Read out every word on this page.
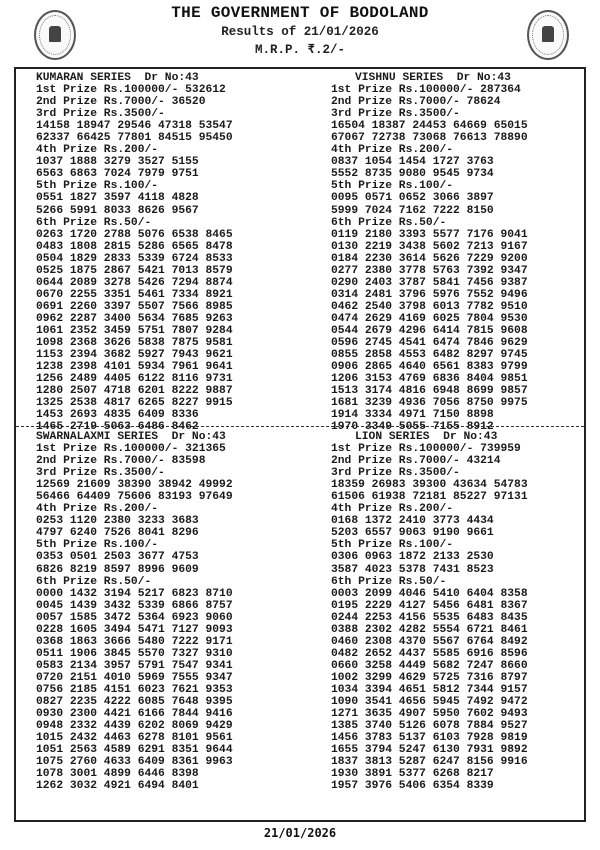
THE GOVERNMENT OF BODOLAND
Results of 21/01/2026
M.R.P. ₹.2/-
KUMARAN SERIES  Dr No:43
1st Prize Rs.100000/- 532612
2nd Prize Rs.7000/- 36520
3rd Prize Rs.3500/-
14158 18947 29546 47318 53547
62337 66425 77801 84515 95450
4th Prize Rs.200/-
1037 1888 3279 3527 5155
6563 6863 7024 7979 9751
5th Prize Rs.100/-
0551 1827 3597 4118 4828
5266 5991 8033 8626 9567
6th Prize Rs.50/-
0263 1720 2788 5076 6538 8465
0483 1808 2815 5286 6565 8478
0504 1829 2833 5339 6724 8533
0525 1875 2867 5421 7013 8579
0644 2089 3278 5426 7294 8874
0670 2255 3351 5461 7334 8921
0691 2260 3397 5507 7566 8985
0962 2287 3400 5634 7685 9263
1061 2352 3459 5751 7807 9284
1098 2368 3626 5838 7875 9581
1153 2394 3682 5927 7943 9621
1238 2398 4101 5934 7961 9641
1256 2489 4405 6122 8116 9731
1280 2507 4718 6201 8222 9887
1325 2538 4817 6265 8227 9915
1453 2693 4835 6409 8336
1465 2719 5063 6486 8462
VISHNU SERIES  Dr No:43
1st Prize Rs.100000/- 287364
2nd Prize Rs.7000/- 78624
3rd Prize Rs.3500/-
16504 18387 24453 64669 65015
67067 72738 73068 76613 78890
4th Prize Rs.200/-
0837 1054 1454 1727 3763
5552 8735 9080 9545 9734
5th Prize Rs.100/-
0095 0571 0652 3066 3897
5999 7024 7162 7222 8150
6th Prize Rs.50/-
0119 2180 3393 5577 7176 9041
0130 2219 3438 5602 7213 9167
0184 2230 3614 5626 7229 9200
0277 2380 3778 5763 7392 9347
0290 2403 3787 5841 7456 9387
0314 2481 3796 5976 7552 9496
0462 2540 3798 6013 7782 9510
0474 2629 4169 6025 7804 9530
0544 2679 4296 6414 7815 9608
0596 2745 4541 6474 7846 9629
0855 2858 4553 6482 8297 9745
0906 2865 4640 6561 8383 9799
1206 3153 4769 6836 8404 9851
1513 3174 4816 6948 8699 9857
1681 3239 4936 7056 8750 9975
1914 3334 4971 7150 8898
1970 3349 5055 7155 8912
SWARNALAXMI SERIES  Dr No:43
1st Prize Rs.100000/- 321365
2nd Prize Rs.7000/- 83598
3rd Prize Rs.3500/-
12569 21609 38390 38942 49992
56466 64409 75606 83193 97649
4th Prize Rs.200/-
0253 1120 2380 3233 3683
4797 6240 7526 8041 8296
5th Prize Rs.100/-
0353 0501 2503 3677 4753
6826 8219 8597 8996 9609
6th Prize Rs.50/-
0000 1432 3194 5217 6823 8710
0045 1439 3432 5339 6866 8757
0057 1585 3472 5364 6923 9060
0228 1605 3494 5471 7127 9093
0368 1863 3666 5480 7222 9171
0511 1906 3845 5570 7327 9310
0583 2134 3957 5791 7547 9341
0720 2151 4010 5969 7555 9347
0756 2185 4151 6023 7621 9353
0827 2235 4222 6085 7648 9395
0930 2300 4421 6166 7844 9416
0948 2332 4439 6202 8069 9429
1015 2432 4463 6278 8101 9561
1051 2563 4589 6291 8351 9644
1075 2760 4633 6409 8361 9963
1078 3001 4899 6446 8398
1262 3032 4921 6494 8401
LION SERIES  Dr No:43
1st Prize Rs.100000/- 739959
2nd Prize Rs.7000/- 43214
3rd Prize Rs.3500/-
18359 26983 39300 43634 54783
61506 61938 72181 85227 97131
4th Prize Rs.200/-
0168 1372 2410 3773 4434
5203 6557 9063 9190 9661
5th Prize Rs.100/-
0306 0963 1872 2133 2530
3587 4023 5378 7431 8523
6th Prize Rs.50/-
0003 2099 4046 5410 6404 8358
0195 2229 4127 5456 6481 8367
0244 2253 4156 5535 6483 8435
0388 2302 4282 5554 6721 8461
0460 2308 4370 5567 6764 8492
0482 2652 4437 5585 6916 8596
0660 3258 4449 5682 7247 8660
1002 3299 4629 5725 7316 8797
1034 3394 4651 5812 7344 9157
1090 3541 4656 5945 7492 9472
1271 3635 4907 5950 7602 9493
1385 3740 5126 6078 7884 9527
1456 3783 5137 6103 7928 9819
1655 3794 5247 6130 7931 9892
1837 3813 5287 6247 8156 9916
1930 3891 5377 6268 8217
1957 3976 5406 6354 8339
21/01/2026
